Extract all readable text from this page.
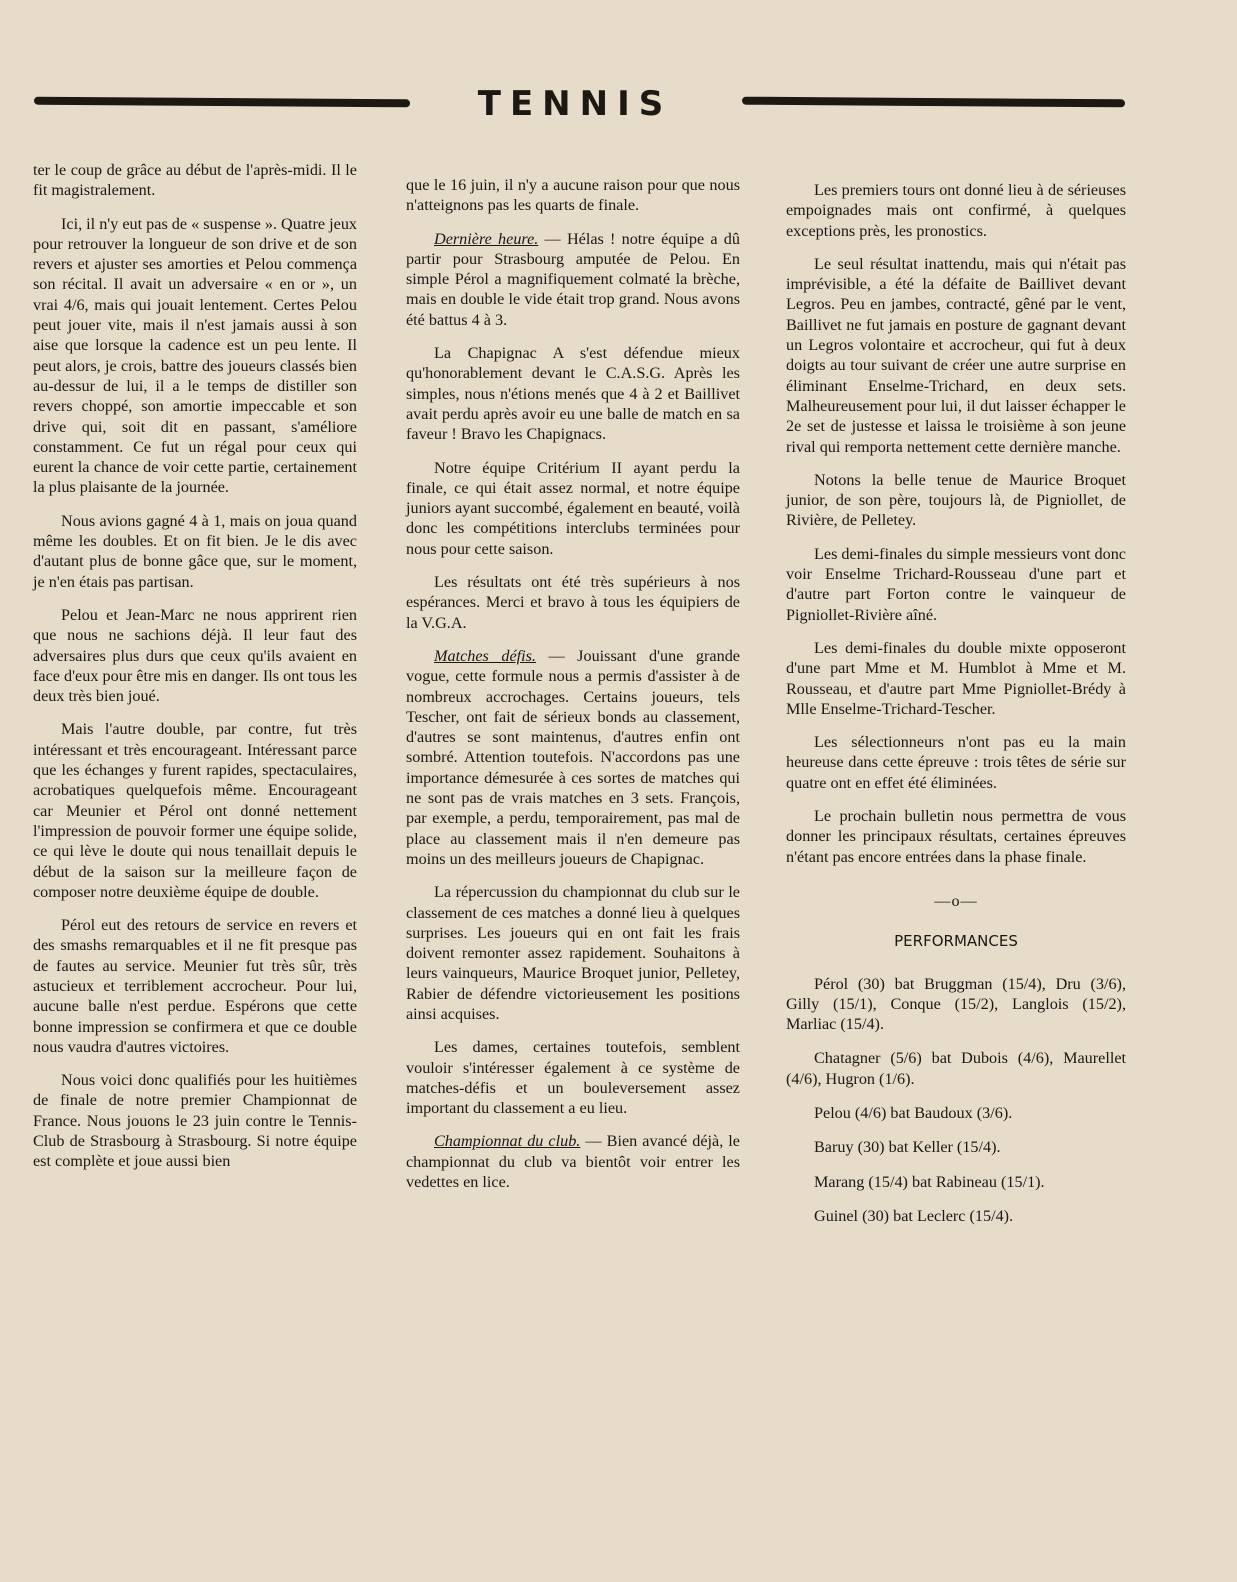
TENNIS

ter le coup de grâce au début de l'après-midi. Il le fit magistralement.

Ici, il n'y eut pas de « suspense ». Quatre jeux pour retrouver la longueur de son drive et de son revers et ajuster ses amorties et Pelou commença son récital. Il avait un adversaire « en or », un vrai 4/6, mais qui jouait lentement. Certes Pelou peut jouer vite, mais il n'est jamais aussi à son aise que lorsque la cadence est un peu lente. Il peut alors, je crois, battre des joueurs classés bien au-dessur de lui, il a le temps de distiller son revers choppé, son amortie impeccable et son drive qui, soit dit en passant, s'améliore constamment. Ce fut un régal pour ceux qui eurent la chance de voir cette partie, certainement la plus plaisante de la journée.

Nous avions gagné 4 à 1, mais on joua quand même les doubles. Et on fit bien. Je le dis avec d'autant plus de bonne gâce que, sur le moment, je n'en étais pas partisan.

Pelou et Jean-Marc ne nous apprirent rien que nous ne sachions déjà. Il leur faut des adversaires plus durs que ceux qu'ils avaient en face d'eux pour être mis en danger. Ils ont tous les deux très bien joué.

Mais l'autre double, par contre, fut très intéressant et très encourageant. Intéressant parce que les échanges y furent rapides, spectaculaires, acrobatiques quelquefois même. Encourageant car Meunier et Pérol ont donné nettement l'impression de pouvoir former une équipe solide, ce qui lève le doute qui nous tenaillait depuis le début de la saison sur la meilleure façon de composer notre deuxième équipe de double.

Pérol eut des retours de service en revers et des smashs remarquables et il ne fit presque pas de fautes au service. Meunier fut très sûr, très astucieux et terriblement accrocheur. Pour lui, aucune balle n'est perdue. Espérons que cette bonne impression se confirmera et que ce double nous vaudra d'autres victoires.

Nous voici donc qualifiés pour les huitièmes de finale de notre premier Championnat de France. Nous jouons le 23 juin contre le Tennis-Club de Strasbourg à Strasbourg. Si notre équipe est complète et joue aussi bien

que le 16 juin, il n'y a aucune raison pour que nous n'atteignons pas les quarts de finale.

Dernière heure. — Hélas ! notre équipe a dû partir pour Strasbourg amputée de Pelou. En simple Pérol a magnifiquement colmaté la brèche, mais en double le vide était trop grand. Nous avons été battus 4 à 3.

La Chapignac A s'est défendue mieux qu'honorablement devant le C.A.S.G. Après les simples, nous n'étions menés que 4 à 2 et Baillivet avait perdu après avoir eu une balle de match en sa faveur ! Bravo les Chapignacs.

Notre équipe Critérium II ayant perdu la finale, ce qui était assez normal, et notre équipe juniors ayant succombé, également en beauté, voilà donc les compétitions interclubs terminées pour nous pour cette saison.

Les résultats ont été très supérieurs à nos espérances. Merci et bravo à tous les équipiers de la V.G.A.

Matches défis. — Jouissant d'une grande vogue, cette formule nous a permis d'assister à de nombreux accrochages. Certains joueurs, tels Tescher, ont fait de sérieux bonds au classement, d'autres se sont maintenus, d'autres enfin ont sombré. Attention toutefois. N'accordons pas une importance démesurée à ces sortes de matches qui ne sont pas de vrais matches en 3 sets. François, par exemple, a perdu, temporairement, pas mal de place au classement mais il n'en demeure pas moins un des meilleurs joueurs de Chapignac.

La répercussion du championnat du club sur le classement de ces matches a donné lieu à quelques surprises. Les joueurs qui en ont fait les frais doivent remonter assez rapidement. Souhaitons à leurs vainqueurs, Maurice Broquet junior, Pelletey, Rabier de défendre victorieusement les positions ainsi acquises.

Les dames, certaines toutefois, semblent vouloir s'intéresser également à ce système de matches-défis et un bouleversement assez important du classement a eu lieu.

Championnat du club. — Bien avancé déjà, le championnat du club va bientôt voir entrer les vedettes en lice.

Les premiers tours ont donné lieu à de sérieuses empoignades mais ont confirmé, à quelques exceptions près, les pronostics.

Le seul résultat inattendu, mais qui n'était pas imprévisible, a été la défaite de Baillivet devant Legros. Peu en jambes, contracté, gêné par le vent, Baillivet ne fut jamais en posture de gagnant devant un Legros volontaire et accrocheur, qui fut à deux doigts au tour suivant de créer une autre surprise en éliminant Enselme-Trichard, en deux sets. Malheureusement pour lui, il dut laisser échapper le 2e set de justesse et laissa le troisième à son jeune rival qui remporta nettement cette dernière manche.

Notons la belle tenue de Maurice Broquet junior, de son père, toujours là, de Pigniollet, de Rivière, de Pelletey.

Les demi-finales du simple messieurs vont donc voir Enselme Trichard-Rousseau d'une part et d'autre part Forton contre le vainqueur de Pigniollet-Rivière aîné.

Les demi-finales du double mixte opposeront d'une part Mme et M. Humblot à Mme et M. Rousseau, et d'autre part Mme Pigniollet-Brédy à Mlle Enselme-Trichard-Tescher.

Les sélectionneurs n'ont pas eu la main heureuse dans cette épreuve : trois têtes de série sur quatre ont en effet été éliminées.

Le prochain bulletin nous permettra de vous donner les principaux résultats, certaines épreuves n'étant pas encore entrées dans la phase finale.

—o—
PERFORMANCES

Pérol (30) bat Bruggman (15/4), Dru (3/6), Gilly (15/1), Conque (15/2), Langlois (15/2), Marliac (15/4).

Chatagner (5/6) bat Dubois (4/6), Maurellet (4/6), Hugron (1/6).

Pelou (4/6) bat Baudoux (3/6).

Baruy (30) bat Keller (15/4).

Marang (15/4) bat Rabineau (15/1).

Guinel (30) bat Leclerc (15/4).
